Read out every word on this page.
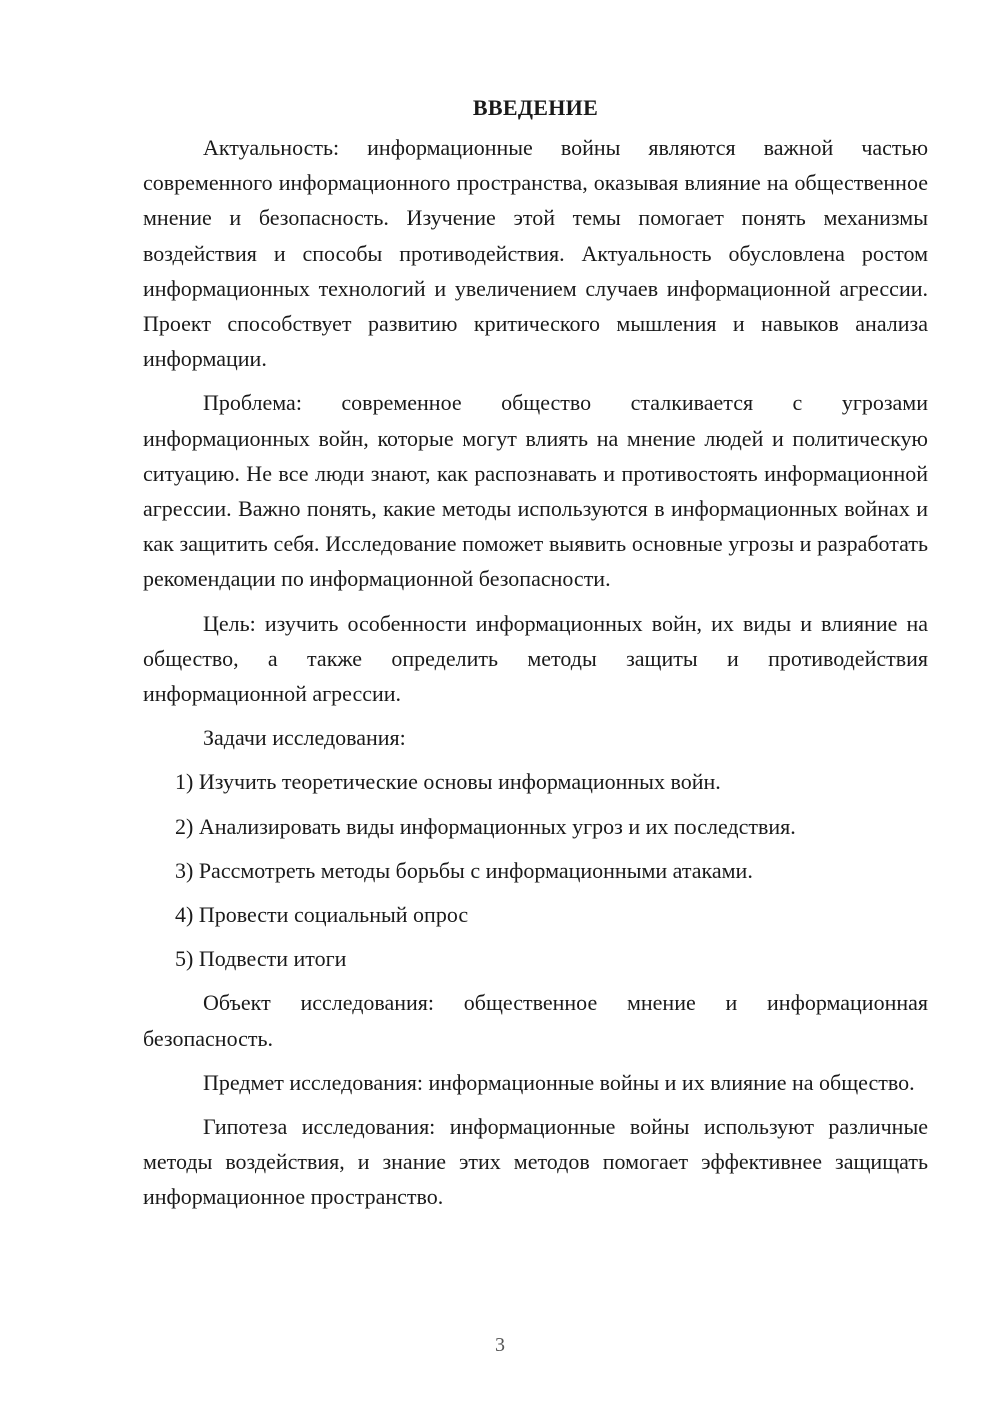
ВВЕДЕНИЕ

Актуальность: информационные войны являются важной частью современного информационного пространства, оказывая влияние на общественное мнение и безопасность. Изучение этой темы помогает понять механизмы воздействия и способы противодействия. Актуальность обусловлена ростом информационных технологий и увеличением случаев информационной агрессии. Проект способствует развитию критического мышления и навыков анализа информации.

Проблема: современное общество сталкивается с угрозами информационных войн, которые могут влиять на мнение людей и политическую ситуацию. Не все люди знают, как распознавать и противостоять информационной агрессии. Важно понять, какие методы используются в информационных войнах и как защитить себя. Исследование поможет выявить основные угрозы и разработать рекомендации по информационной безопасности.

Цель: изучить особенности информационных войн, их виды и влияние на общество, а также определить методы защиты и противодействия информационной агрессии.

Задачи исследования:

1) Изучить теоретические основы информационных войн.
2) Анализировать виды информационных угроз и их последствия.
3) Рассмотреть методы борьбы с информационными атаками.
4) Провести социальный опрос
5) Подвести итоги

Объект исследования: общественное мнение и информационная безопасность.

Предмет исследования: информационные войны и их влияние на общество.

Гипотеза исследования: информационные войны используют различные методы воздействия, и знание этих методов помогает эффективнее защищать информационное пространство.

3
